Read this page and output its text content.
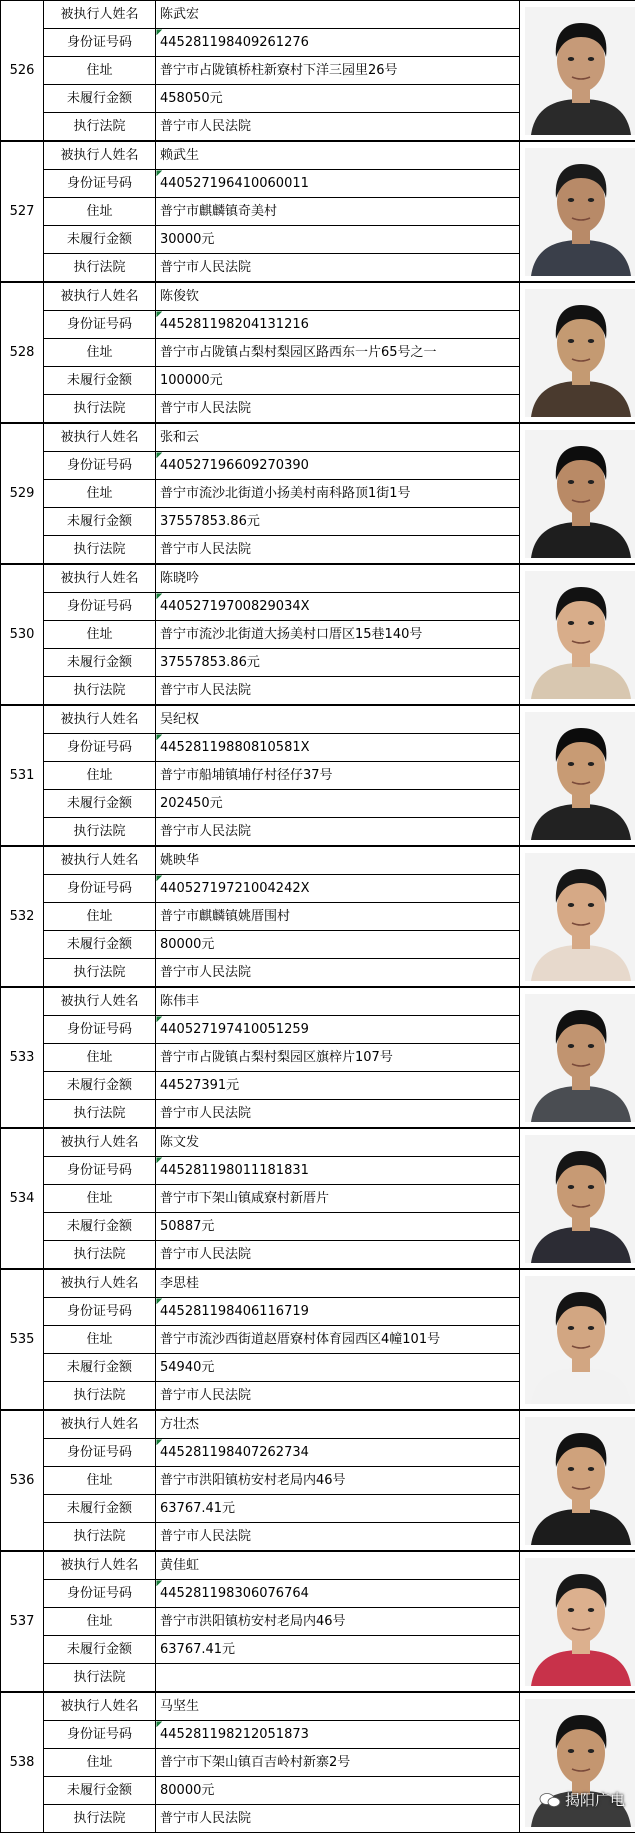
526	被执行人姓名	陈武宏	

	身份证号码	445281198409261276	
	住址	普宁市占陇镇桥柱新寮村下洋三园里26号	
	未履行金额	458050元	
	执行法院	普宁市人民法院	
527	被执行人姓名	赖武生	

	身份证号码	440527196410060011	
	住址	普宁市麒麟镇奇美村	
	未履行金额	30000元	
	执行法院	普宁市人民法院	
528	被执行人姓名	陈俊钦	

	身份证号码	445281198204131216	
	住址	普宁市占陇镇占梨村梨园区路西东一片65号之一	
	未履行金额	100000元	
	执行法院	普宁市人民法院	
529	被执行人姓名	张和云	

	身份证号码	440527196609270390	
	住址	普宁市流沙北街道小扬美村南科路顶1街1号	
	未履行金额	37557853.86元	
	执行法院	普宁市人民法院	
530	被执行人姓名	陈晓吟	

	身份证号码	44052719700829034X	
	住址	普宁市流沙北街道大扬美村口厝区15巷140号	
	未履行金额	37557853.86元	
	执行法院	普宁市人民法院	
531	被执行人姓名	吴纪权	

	身份证号码	44528119880810581X	
	住址	普宁市船埔镇埔仔村径仔37号	
	未履行金额	202450元	
	执行法院	普宁市人民法院	
532	被执行人姓名	姚映华	

	身份证号码	44052719721004242X	
	住址	普宁市麒麟镇姚厝围村	
	未履行金额	80000元	
	执行法院	普宁市人民法院	
533	被执行人姓名	陈伟丰	

	身份证号码	440527197410051259	
	住址	普宁市占陇镇占梨村梨园区旗梓片107号	
	未履行金额	44527391元	
	执行法院	普宁市人民法院	
534	被执行人姓名	陈文发	

	身份证号码	445281198011181831	
	住址	普宁市下架山镇咸寮村新厝片	
	未履行金额	50887元	
	执行法院	普宁市人民法院	
535	被执行人姓名	李思桂	

	身份证号码	445281198406116719	
	住址	普宁市流沙西街道赵厝寮村体育园西区4幢101号	
	未履行金额	54940元	
	执行法院	普宁市人民法院	
536	被执行人姓名	方壮杰	

	身份证号码	445281198407262734	
	住址	普宁市洪阳镇枋安村老局内46号	
	未履行金额	63767.41元	
	执行法院	普宁市人民法院	
537	被执行人姓名	黄佳虹	

	身份证号码	445281198306076764	
	住址	普宁市洪阳镇枋安村老局内46号	
	未履行金额	63767.41元	
	执行法院		
538	被执行人姓名	马坚生	

	身份证号码	445281198212051873	
	住址	普宁市下架山镇百吉岭村新寨2号	
	未履行金额	80000元	
	执行法院	普宁市人民法院	
揭阳广电
